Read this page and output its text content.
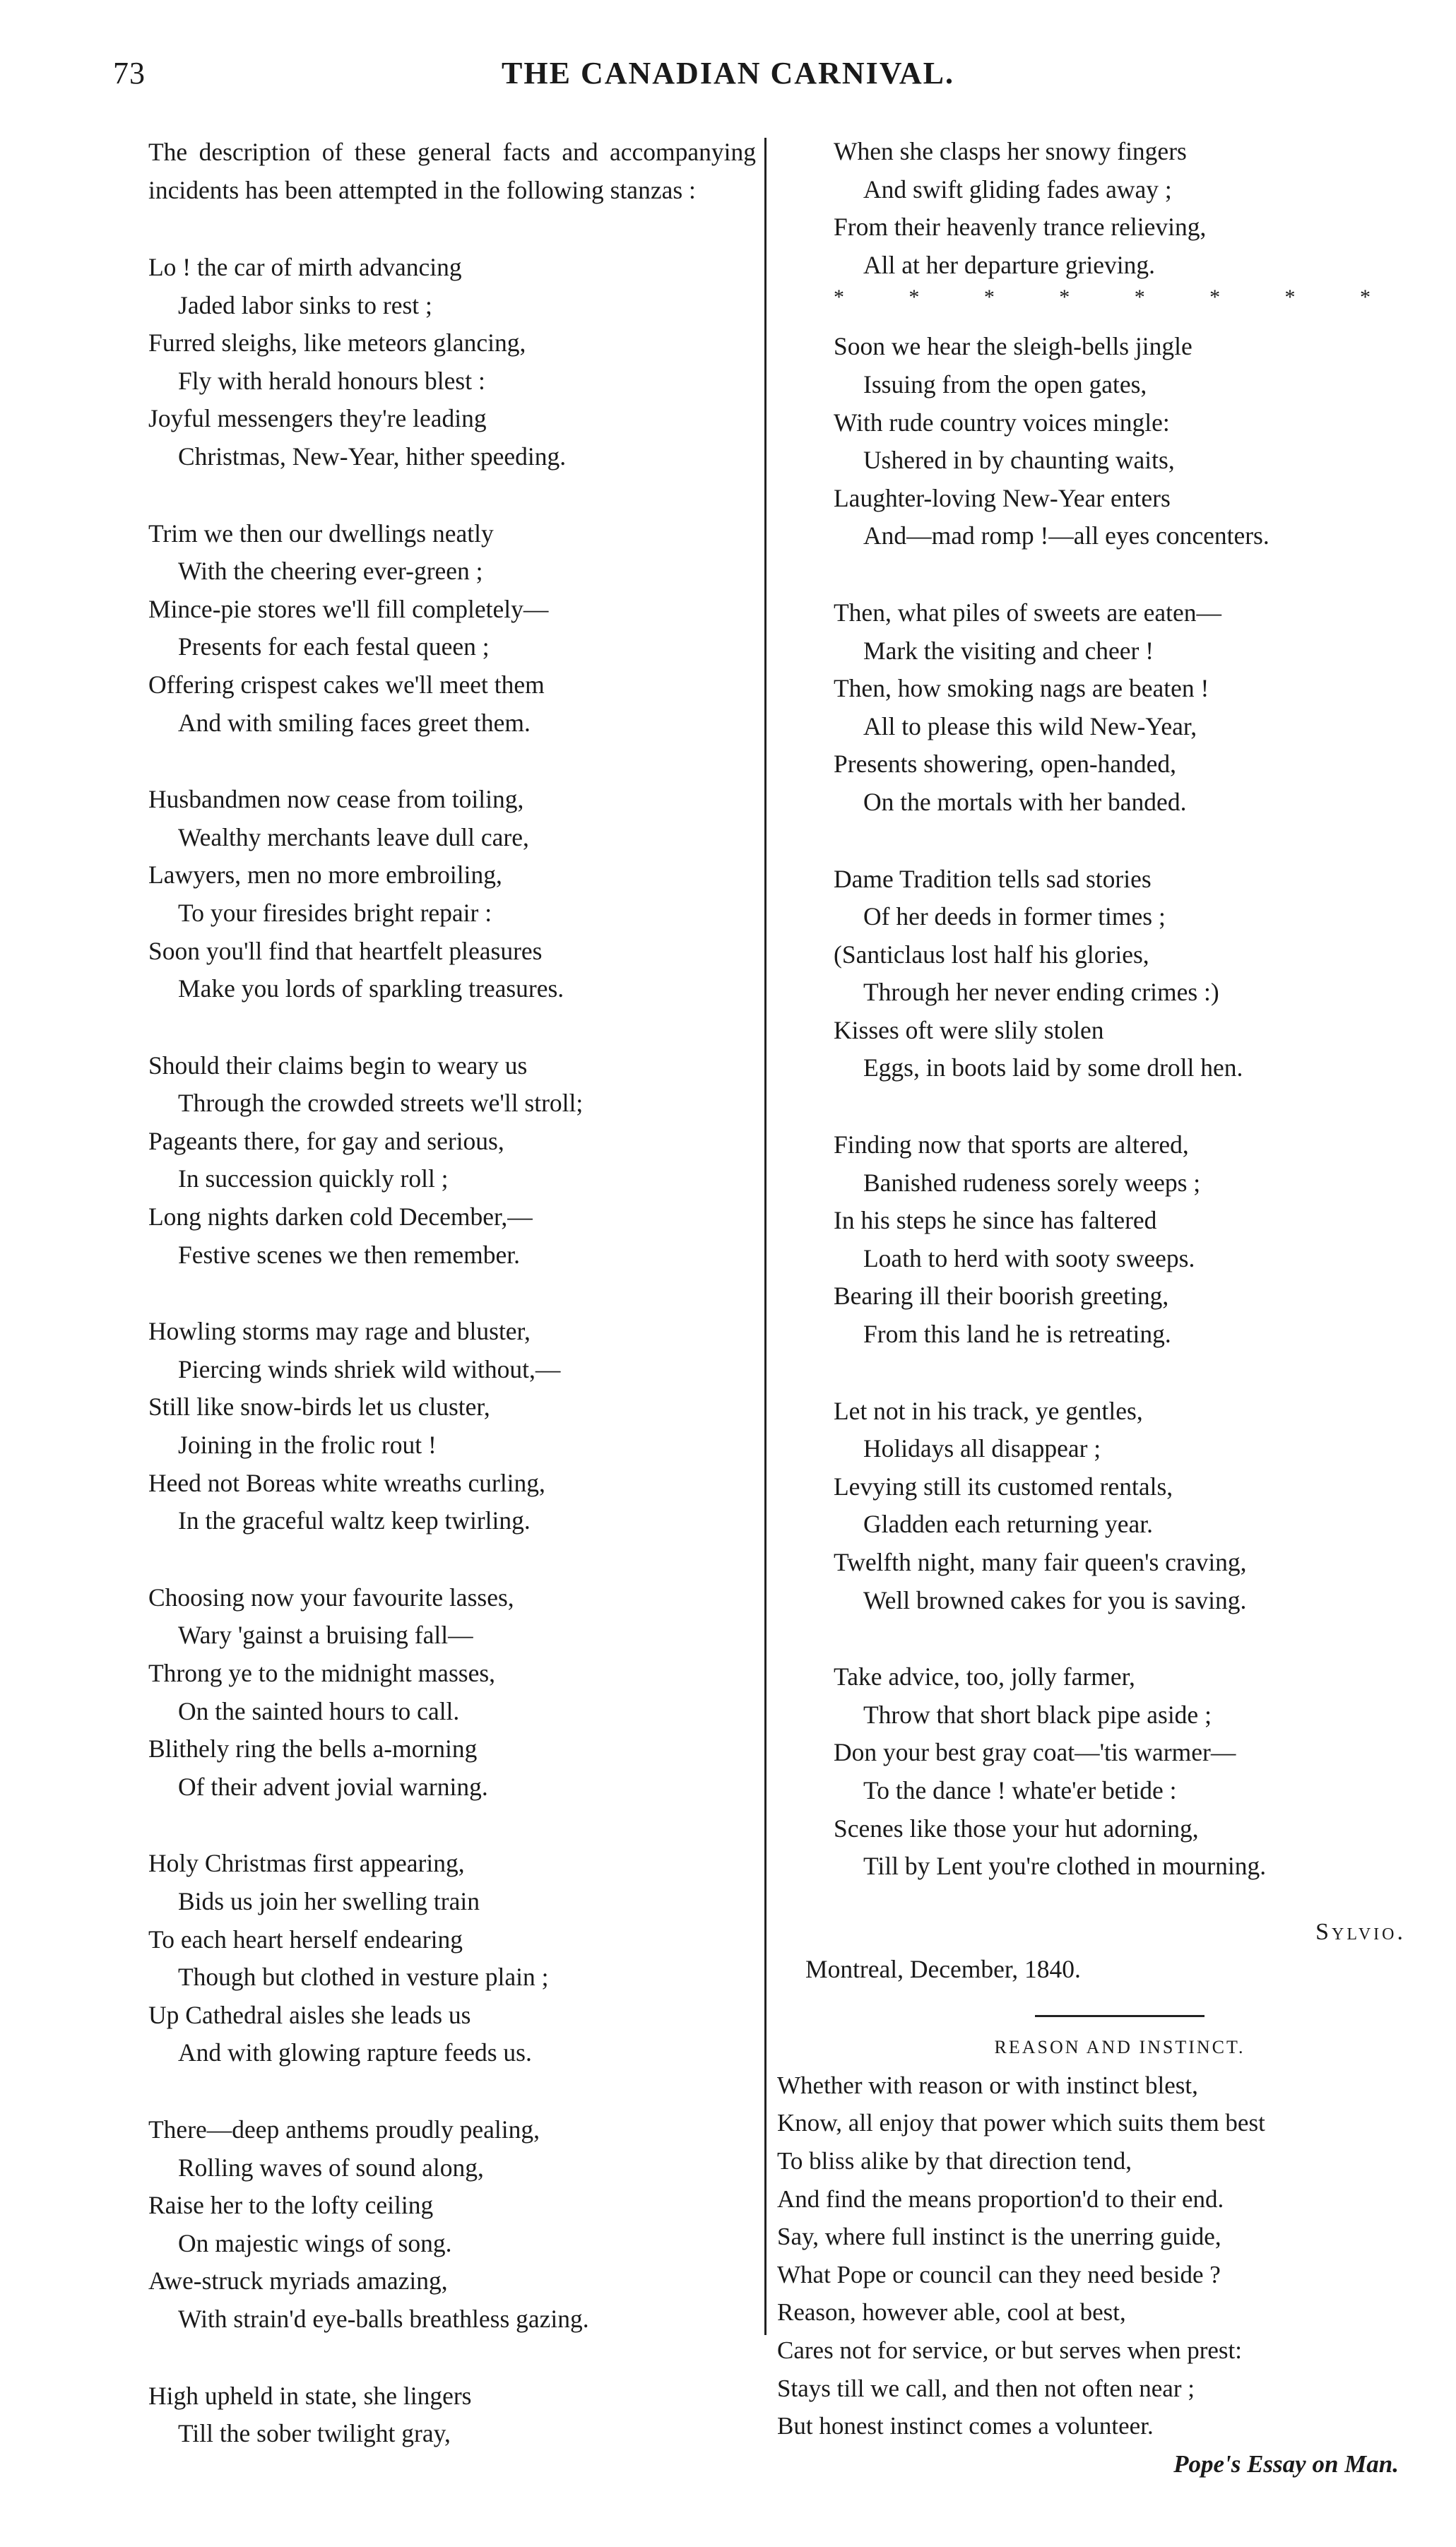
73	THE CANADIAN CARNIVAL.

The description of these general facts and accompanying incidents has been attempted in the following stanzas :

Lo ! the car of mirth advancing
Jaded labor sinks to rest ;
Furred sleighs, like meteors glancing,
Fly with herald honours blest :
Joyful messengers they're leading
Christmas, New-Year, hither speeding.
Trim we then our dwellings neatly
With the cheering ever-green ;
Mince-pie stores we'll fill completely—
Presents for each festal queen ;
Offering crispest cakes we'll meet them
And with smiling faces greet them.
Husbandmen now cease from toiling,
Wealthy merchants leave dull care,
Lawyers, men no more embroiling,
To your firesides bright repair :
Soon you'll find that heartfelt pleasures
Make you lords of sparkling treasures.
Should their claims begin to weary us
Through the crowded streets we'll stroll;
Pageants there, for gay and serious,
In succession quickly roll ;
Long nights darken cold December,—
Festive scenes we then remember.
Howling storms may rage and bluster,
Piercing winds shriek wild without,—
Still like snow-birds let us cluster,
Joining in the frolic rout !
Heed not Boreas white wreaths curling,
In the graceful waltz keep twirling.
Choosing now your favourite lasses,
Wary 'gainst a bruising fall—
Throng ye to the midnight masses,
On the sainted hours to call.
Blithely ring the bells a-morning
Of their advent jovial warning.
Holy Christmas first appearing,
Bids us join her swelling train
To each heart herself endearing
Though but clothed in vesture plain ;
Up Cathedral aisles she leads us
And with glowing rapture feeds us.
There—deep anthems proudly pealing,
Rolling waves of sound along,
Raise her to the lofty ceiling
On majestic wings of song.
Awe-struck myriads amazing,
With strain'd eye-balls breathless gazing.
High upheld in state, she lingers
Till the sober twilight gray,
When she clasps her snowy fingers
And swift gliding fades away ;
From their heavenly trance relieving,
All at her departure grieving.
*	*	*	*	*	*	*	*
Soon we hear the sleigh-bells jingle
Issuing from the open gates,
With rude country voices mingle:
Ushered in by chaunting waits,
Laughter-loving New-Year enters
And—mad romp !—all eyes concenters.
Then, what piles of sweets are eaten—
Mark the visiting and cheer !
Then, how smoking nags are beaten !
All to please this wild New-Year,
Presents showering, open-handed,
On the mortals with her banded.
Dame Tradition tells sad stories
Of her deeds in former times ;
(Santiclaus lost half his glories,
Through her never ending crimes :)
Kisses oft were slily stolen
Eggs, in boots laid by some droll hen.
Finding now that sports are altered,
Banished rudeness sorely weeps ;
In his steps he since has faltered
Loath to herd with sooty sweeps.
Bearing ill their boorish greeting,
From this land he is retreating.
Let not in his track, ye gentles,
Holidays all disappear ;
Levying still its customed rentals,
Gladden each returning year.
Twelfth night, many fair queen's craving,
Well browned cakes for you is saving.
Take advice, too, jolly farmer,
Throw that short black pipe aside ;
Don your best gray coat—'tis warmer—
To the dance ! whate'er betide :
Scenes like those your hut adorning,
Till by Lent you're clothed in mourning.
Sylvio.
Montreal, December, 1840.
REASON AND INSTINCT.
Whether with reason or with instinct blest,
Know, all enjoy that power which suits them best
To bliss alike by that direction tend,
And find the means proportion'd to their end.
Say, where full instinct is the unerring guide,
What Pope or council can they need beside ?
Reason, however able, cool at best,
Cares not for service, or but serves when prest:
Stays till we call, and then not often near ;
But honest instinct comes a volunteer.
Pope's Essay on Man.
